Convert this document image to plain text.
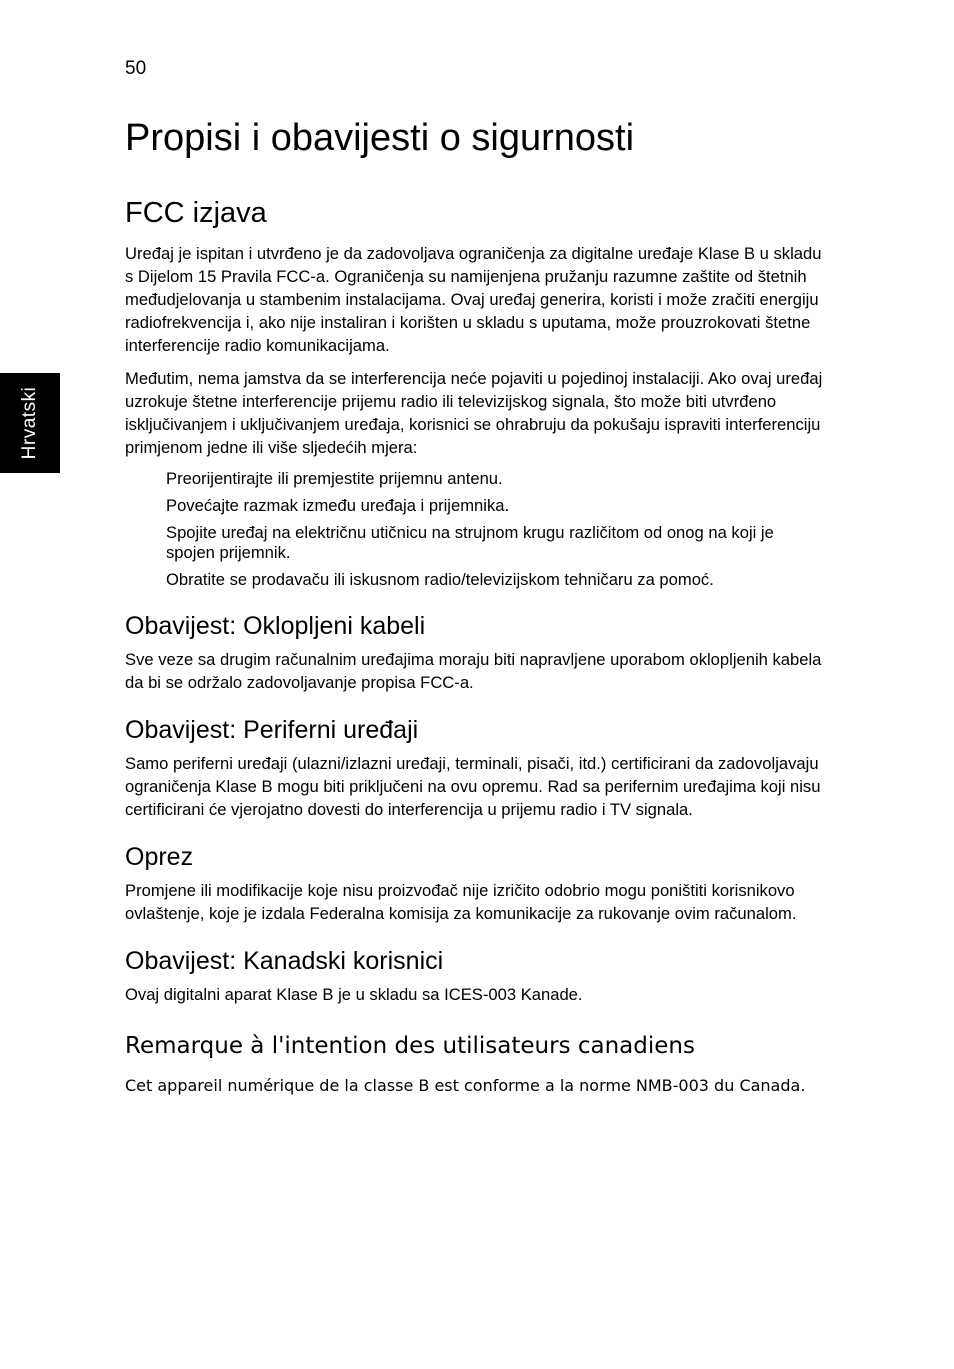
50
Hrvatski
Propisi i obavijesti o sigurnosti
FCC izjava

Uređaj je ispitan i utvrđeno je da zadovoljava ograničenja za digitalne uređaje Klase B u skladu s Dijelom 15 Pravila FCC-a. Ograničenja su namijenjena pružanju razumne zaštite od štetnih međudjelovanja u stambenim instalacijama. Ovaj uređaj generira, koristi i može zračiti energiju radiofrekvencija i, ako nije instaliran i korišten u skladu s uputama, može prouzrokovati štetne interferencije radio komunikacijama.

Međutim, nema jamstva da se interferencija neće pojaviti u pojedinoj instalaciji. Ako ovaj uređaj uzrokuje štetne interferencije prijemu radio ili televizijskog signala, što može biti utvrđeno isključivanjem i uključivanjem uređaja, korisnici se ohrabruju da pokušaju ispraviti interferenciju primjenom jedne ili više sljedećih mjera:

Preorijentirajte ili premjestite prijemnu antenu.
Povećajte razmak između uređaja i prijemnika.
Spojite uređaj na električnu utičnicu na strujnom krugu različitom od onog na koji je spojen prijemnik.
Obratite se prodavaču ili iskusnom radio/televizijskom tehničaru za pomoć.
Obavijest: Oklopljeni kabeli

Sve veze sa drugim računalnim uređajima moraju biti napravljene uporabom oklopljenih kabela da bi se održalo zadovoljavanje propisa FCC-a.

Obavijest: Periferni uređaji

Samo periferni uređaji (ulazni/izlazni uređaji, terminali, pisači, itd.) certificirani da zadovoljavaju ograničenja Klase B mogu biti priključeni na ovu opremu. Rad sa perifernim uređajima koji nisu certificirani će vjerojatno dovesti do interferencija u prijemu radio i TV signala.

Oprez

Promjene ili modifikacije koje nisu proizvođač nije izričito odobrio mogu poništiti korisnikovo ovlaštenje, koje je izdala Federalna komisija za komunikacije za rukovanje ovim računalom.

Obavijest: Kanadski korisnici

Ovaj digitalni aparat Klase B je u skladu sa ICES-003 Kanade.

Remarque à l'intention des utilisateurs canadiens

Cet appareil numérique de la classe B est conforme a la norme NMB-003 du Canada.
